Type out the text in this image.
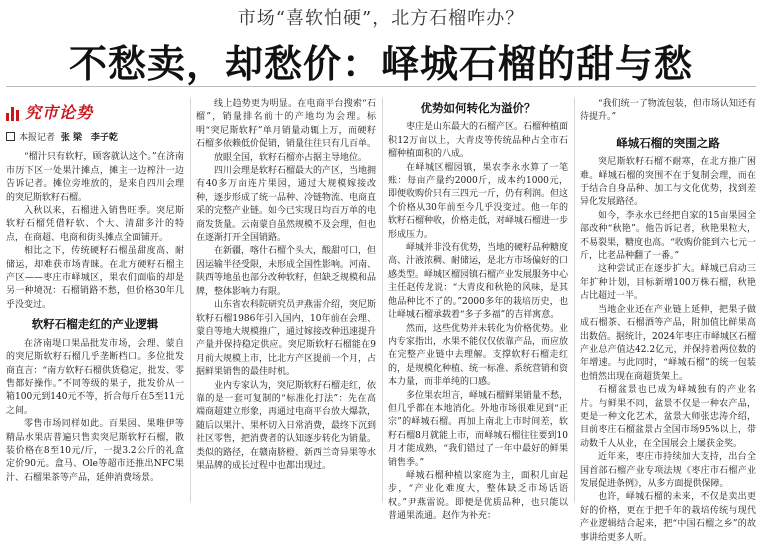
市场“喜软怕硬”，北方石榴咋办？
不愁卖，却愁价：峄城石榴的甜与愁
究市论势
本报记者 张 梁 李子乾

“榴汁只有软籽，顾客就认这个。”在济南市历下区一处果汁摊点，摊主一边榨汁一边告诉记者。摊位旁堆放的，是来自四川会理的突尼斯软籽石榴。

入秋以来，石榴进入销售旺季。突尼斯软籽石榴凭借籽软、个大、清甜多汁的特点，在商超、电商和街头摊点全面铺开。

相比之下，传统硬籽石榴虽甜度高、耐储运，却难获市场青睐。在北方硬籽石榴主产区——枣庄市峄城区，果农们面临的却是另一种境况：石榴销路不愁，但价格30年几乎没变过。

软籽石榴走红的产业逻辑

在济南堤口果品批发市场，会理、蒙自的突尼斯软籽石榴几乎垄断档口。多位批发商直言：“南方软籽石榴供货稳定，批发、零售都好操作。”不同等级的果子，批发价从一箱100元到140元不等，折合每斤在5至11元之间。

零售市场同样如此。百果园、果唯伊等精品水果店普遍只售卖突尼斯软籽石榴，散装价格在8至10元/斤，一提3.2公斤的礼盒定价90元。盒马、Ole等超市还推出NFC果汁、石榴果茶等产品，延伸消费场景。

线上趋势更为明显。在电商平台搜索“石榴”，销量排名前十的产地均为会理。标明“突尼斯软籽”单月销量动辄上万，而硬籽石榴多依赖低价促销，销量往往只有几百单。

放眼全国，软籽石榴亦占据主导地位。

四川会理是软籽石榴最大的产区，当地拥有40多万亩连片果园，通过大规模嫁接改种，逐步形成了统一品种、冷链物流、电商直采的完整产业链。如今已实现日均百万单的电商发货量。云南蒙自虽然规模不及会理，但也在逐渐打开全国销路。

在新疆，喀什石榴个头大，酸甜可口，但因运输半径受限，未形成全国性影响。河南、陕西等地虽也部分改种软籽，但缺乏规模和品牌，整体影响力有限。

山东省农科院研究员尹燕雷介绍，突尼斯软籽石榴1986年引入国内，10年前在会理、蒙自等地大规模推广，通过嫁接改种迅速提升产量并保持稳定供应。突尼斯软籽石榴能在9月前大规模上市，比北方产区提前一个月，占据鲜果销售的最佳时机。

业内专家认为，突尼斯软籽石榴走红，依靠的是一套可复制的“标准化打法”：先在高端商超建立形象，再通过电商平台放大爆款，随后以果汁、果杯切入日常消费，最终下沉到社区零售，把消费者的认知逐步转化为销量。类似的路径，在赣南脐橙、新西兰奇异果等水果品牌的成长过程中也都出现过。

优势如何转化为溢价？

枣庄是山东最大的石榴产区。石榴种植面积12万亩以上，大青皮等传统品种占全市石榴种植面积的八成。

在峄城区榴园镇，果农李永水算了一笔账：每亩产量约2000斤，成本约1000元，即便收购价只有三四元一斤，仍有利润。但这个价格从30年前至今几乎没变过。他一年的软籽石榴种收，价格走低，对峄城石榴进一步形成压力。

峄城并非没有优势，当地的硬籽品种糖度高、汁液浓稠、耐储运，是北方市场偏好的口感类型。峄城区榴园镇石榴产业发展服务中心主任赵传龙说：“大青皮和秋艳的风味，是其他品种比不了的。”2000多年的栽培历史，也让峄城石榴承载着“多子多福”的吉祥寓意。

然而，这些优势并未转化为价格优势。业内专家指出，水果不能仅仅依靠产品，而应放在完整产业链中去理解。支撑软籽石榴走红的，是规模化种植、统一标准、系统营销和资本力量，而非单纯的口感。

多位果农坦言，峄城石榴鲜果销量不愁，但几乎都在本地消化。外地市场很难见到“正宗”的峄城石榴。再加上南北上市时间差，软籽石榴8月就能上市，而峄城石榴往往要到10月才能成熟，“我们错过了一年中最好的鲜果销售季。”

峄城石榴种植以家庭为主，面积几亩起步，“产业化难度大，整体缺乏市场话语权。”尹燕雷说。即便是优质品种，也只能以普通果流通。赵作为补充：

“我们统一了物流包装，但市场认知还有待提升。”

峄城石榴的突围之路

突尼斯软籽石榴不耐寒，在北方推广困难。峄城石榴的突围不在于复制会理，而在于结合自身品种、加工与文化优势，找到差异化发展路径。

如今，李永水已经把自家的15亩果园全部改种“秋艳”。他告诉记者，秋艳果粒大，不易裂果，糖度也高。“收购价能到六七元一斤，比老品种翻了一番。”

这种尝试正在逐步扩大。峄城已启动三年扩种计划，目标新增100万株石榴，秋艳占比超过一半。

当地企业还在产业链上延伸，把果子做成石榴茶、石榴酒等产品，附加值比鲜果高出数倍。据统计，2024年枣庄市峄城区石榴产业总产值达42.2亿元，并保持着两位数的年增速。与此同时，“峄城石榴”的统一包装也悄然出现在商超货架上。

石榴盆景也已成为峄城独有的产业名片。与鲜果不同，盆景不仅是一种农产品，更是一种文化艺术，盆景大师张忠涛介绍，目前枣庄石榴盆景占全国市场95%以上，带动数千人从业，在全国展会上屡获金奖。

近年来，枣庄市持续加大支持，出台全国首部石榴产业专项法规《枣庄市石榴产业发展促进条例》，从多方面提供保障。

也许，峄城石榴的未来，不仅是卖出更好的价格，更在于把千年的栽培传统与现代产业逻辑结合起来，把“中国石榴之乡”的故事讲给更多人听。
